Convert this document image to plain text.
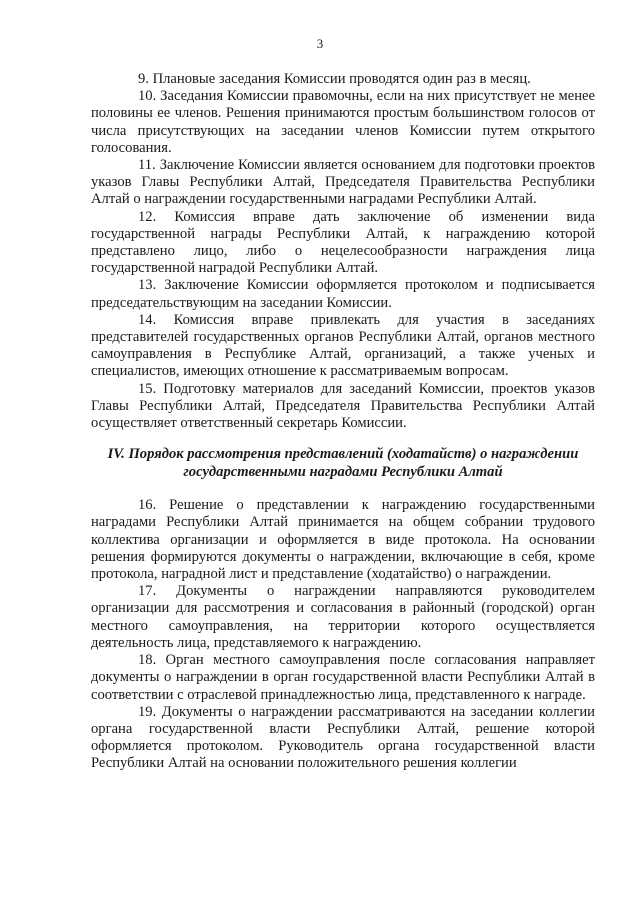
3

9. Плановые заседания Комиссии проводятся один раз в месяц.

10. Заседания Комиссии правомочны, если на них присутствует не менее половины ее членов. Решения принимаются простым большинством голосов от числа присутствующих на заседании членов Комиссии путем открытого голосования.

11. Заключение Комиссии является основанием для подготовки проектов указов Главы Республики Алтай, Председателя Правительства Республики Алтай о награждении государственными наградами Республики Алтай.

12. Комиссия вправе дать заключение об изменении вида государственной награды Республики Алтай, к награждению которой представлено лицо, либо о нецелесообразности награждения лица государственной наградой Республики Алтай.

13. Заключение Комиссии оформляется протоколом и подписывается председательствующим на заседании Комиссии.

14. Комиссия вправе привлекать для участия в заседаниях представителей государственных органов Республики Алтай, органов местного самоуправления в Республике Алтай, организаций, а также ученых и специалистов, имеющих отношение к рассматриваемым вопросам.

15. Подготовку материалов для заседаний Комиссии, проектов указов Главы Республики Алтай, Председателя Правительства Республики Алтай осуществляет ответственный секретарь Комиссии.

IV. Порядок рассмотрения представлений (ходатайств) о награждении
государственными наградами Республики Алтай

16. Решение о представлении к награждению государственными наградами Республики Алтай принимается на общем собрании трудового коллектива организации и оформляется в виде протокола. На основании решения формируются документы о награждении, включающие в себя, кроме протокола, наградной лист и представление (ходатайство) о награждении.

17. Документы о награждении направляются руководителем организации для рассмотрения и согласования в районный (городской) орган местного самоуправления, на территории которого осуществляется деятельность лица, представляемого к награждению.

18. Орган местного самоуправления после согласования направляет документы о награждении в орган государственной власти Республики Алтай в соответствии с отраслевой принадлежностью лица, представленного к награде.

19. Документы о награждении рассматриваются на заседании коллегии органа государственной власти Республики Алтай, решение которой оформляется протоколом. Руководитель органа государственной власти Республики Алтай на основании положительного решения коллегии
